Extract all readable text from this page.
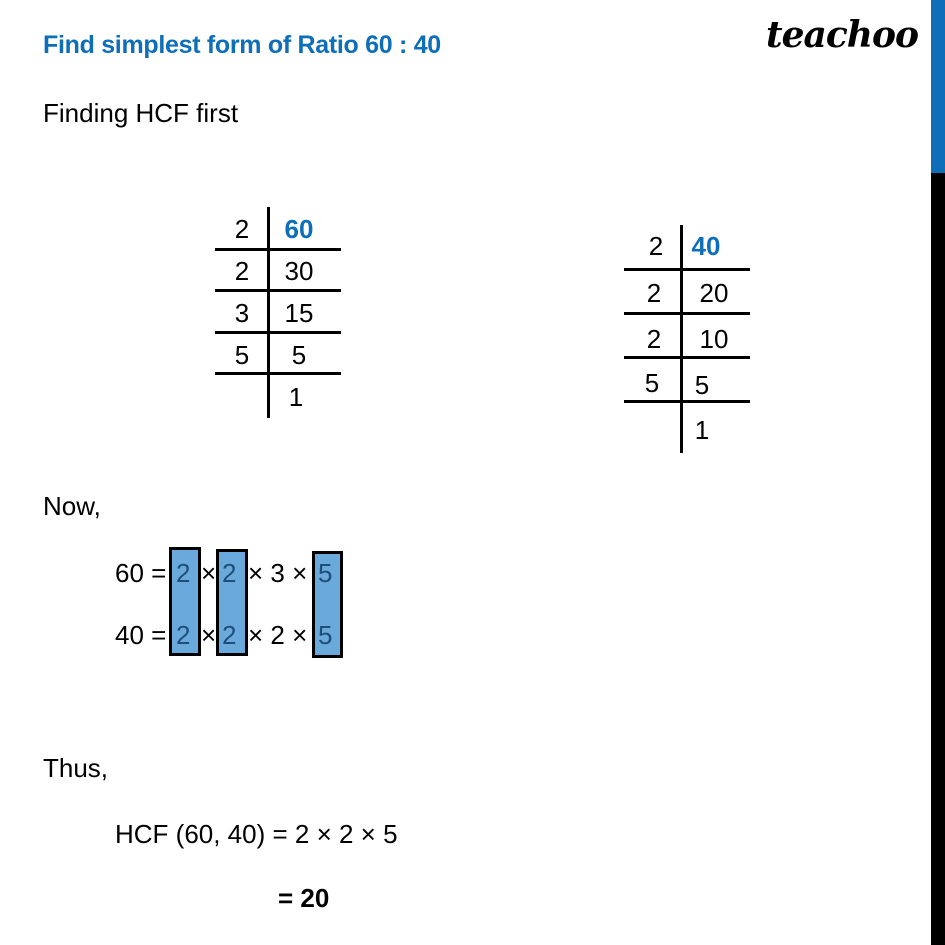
Find simplest form of Ratio 60 : 40	teachoo
Finding HCF first
2	60
2	30
3	15
5	5
1
2	40
2	20
2	10
5	5
1
Now,
60 = 2 × 2 × 3 × 5
40 = 2 × 2 × 2 × 5
Thus,
HCF (60, 40) = 2 × 2 × 5
= 20
